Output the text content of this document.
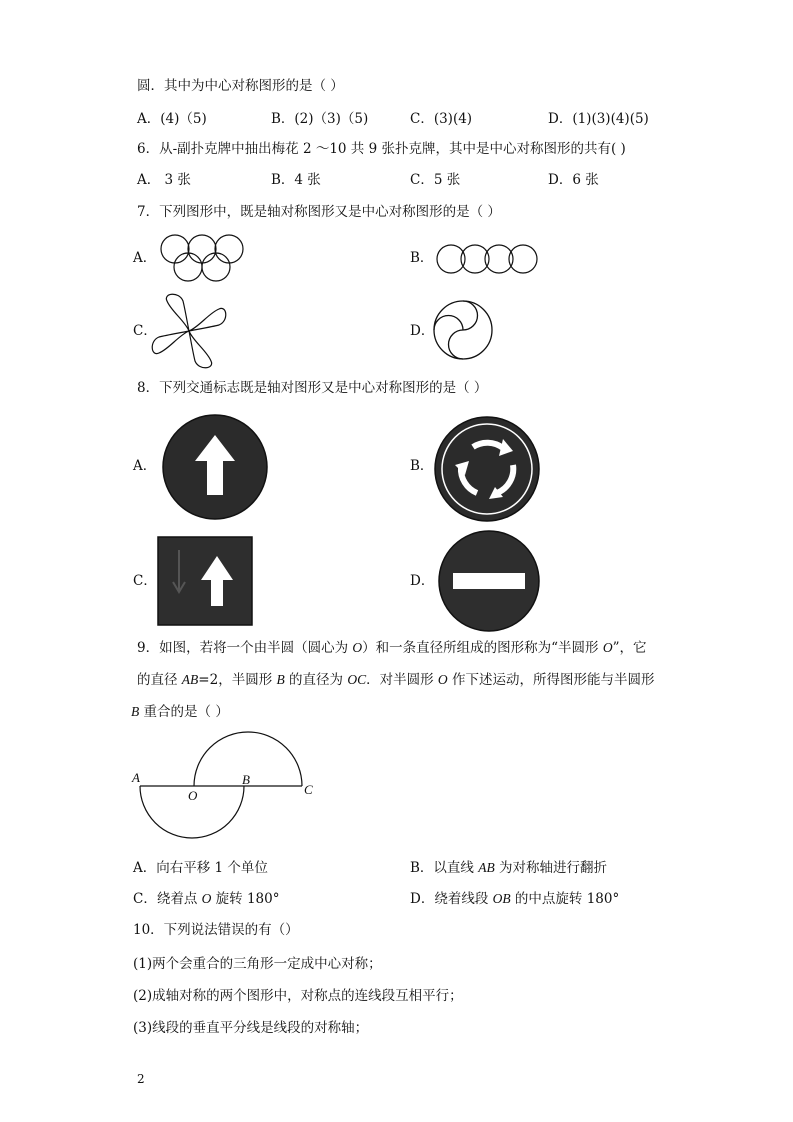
圆．其中为中心对称图形的是（ ）
A．(4)（5)	B．(2)（3)（5)	C．(3)(4)	D．(1)(3)(4)(5)
6．从-副扑克牌中抽出梅花 2 ～10 共 9 张扑克牌，其中是中心对称图形的共有( )
A． 3 张	B．4 张	C．5 张	D．6 张
7．下列图形中，既是轴对称图形又是中心对称图形的是（ ）
A．	B．
C．	D．
8．下列交通标志既是轴对图形又是中心对称图形的是（ ）
A．	B．
C．	D．
9．如图，若将一个由半圆（圆心为 O）和一条直径所组成的图形称为“半圆形 O”，它
的直径 AB=2，半圆形 B 的直径为 OC．对半圆形 O 作下述运动，所得图形能与半圆形
B 重合的是（ ）
A
O
B
C
A．向右平移 1 个单位	B．以直线 AB 为对称轴进行翻折
C．绕着点 O 旋转 180°	D．绕着线段 OB 的中点旋转 180°
10．下列说法错误的有（）
(1)两个会重合的三角形一定成中心对称；
(2)成轴对称的两个图形中，对称点的连线段互相平行；
(3)线段的垂直平分线是线段的对称轴；
2
